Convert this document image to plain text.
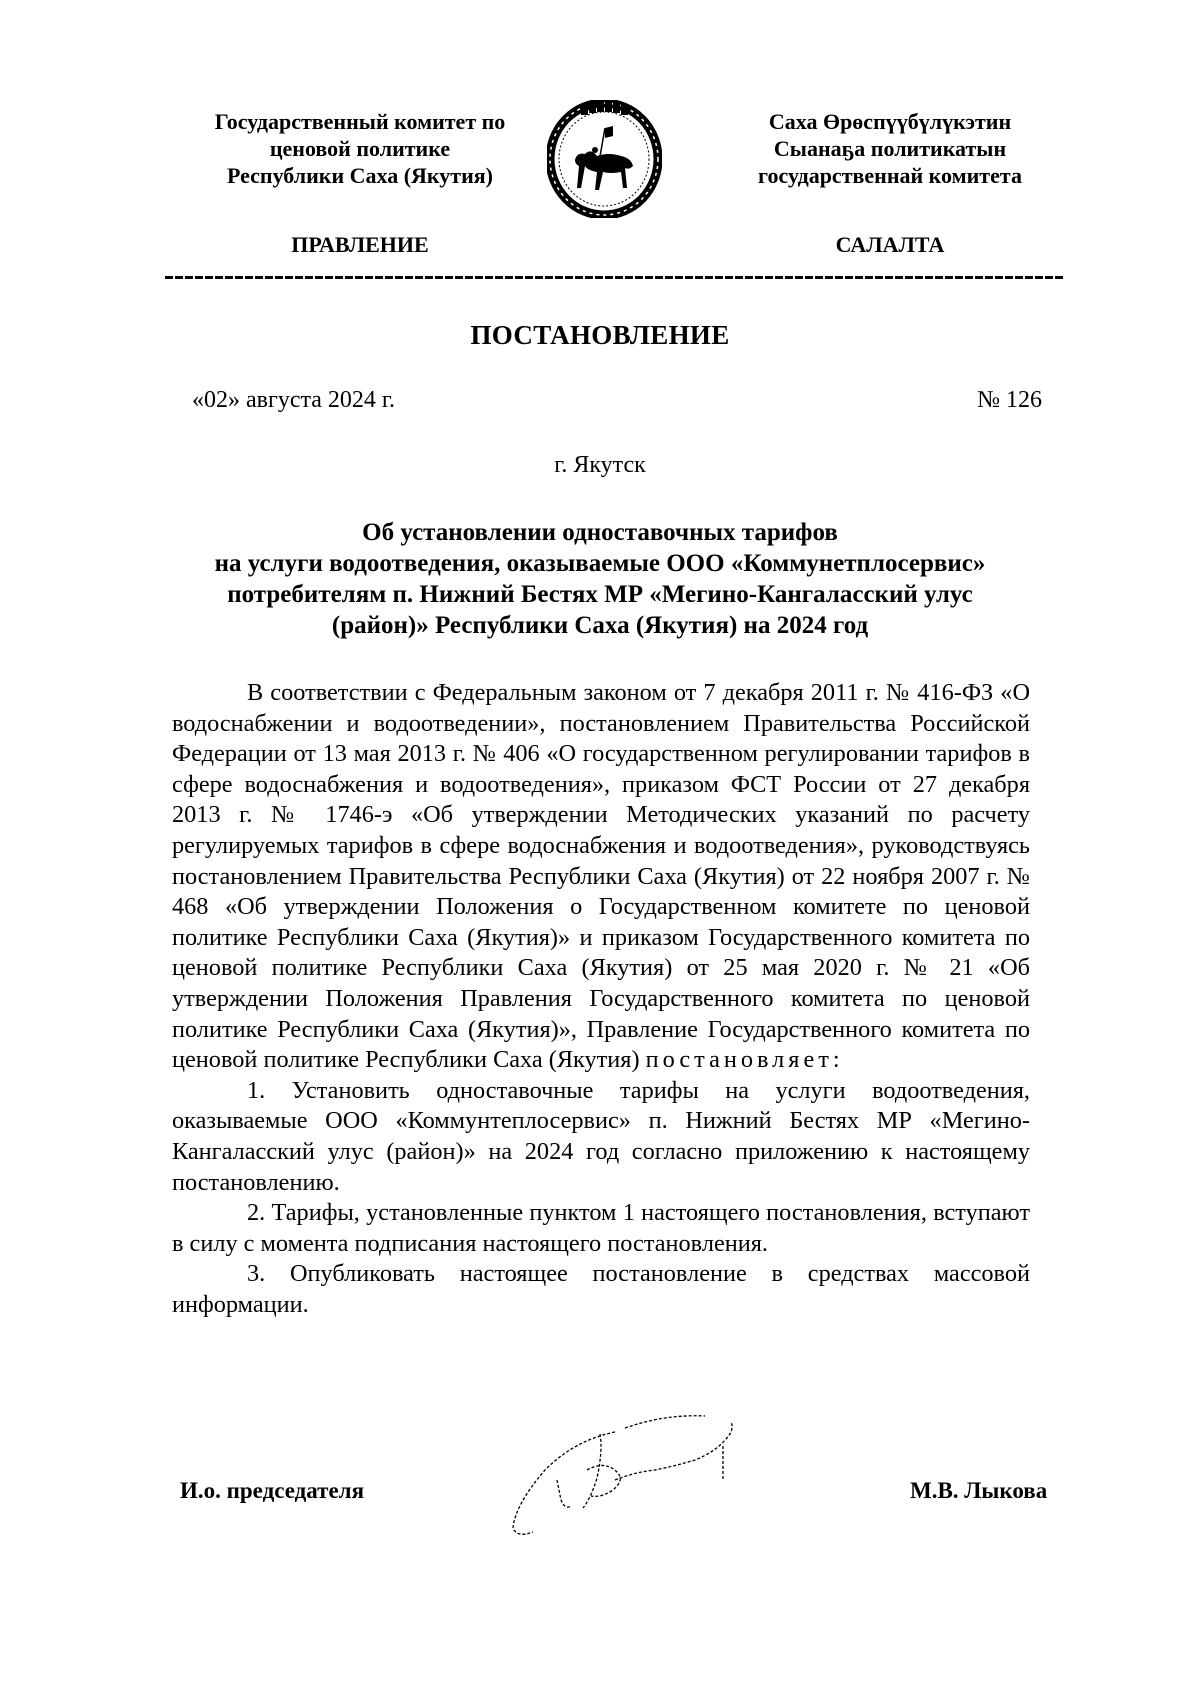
Государственный комитет по
ценовой политике
Республики Саха (Якутия)
Саха Өрөспүүбүлүкэтин
Сыанаҕа политикатын
государственнай комитета
ПРАВЛЕНИЕ	САЛАЛТА
ПОСТАНОВЛЕНИЕ
«02» августа 2024 г.	№ 126
г. Якутск
Об установлении одноставочных тарифов
на услуги водоотведения, оказываемые ООО «Коммунетплосервис»
потребителям п. Нижний Бестях МР «Мегино-Кангаласский улус
(район)» Республики Саха (Якутия) на 2024 год

В соответствии с Федеральным законом от 7 декабря 2011 г. № 416-ФЗ «О водоснабжении и водоотведении», постановлением Правительства Российской Федерации от 13 мая 2013 г. № 406 «О государственном регулировании тарифов в сфере водоснабжения и водоотведения», приказом ФСТ России от 27 декабря 2013 г. № 1746-э «Об утверждении Методических указаний по расчету регулируемых тарифов в сфере водоснабжения и водоотведения», руководствуясь постановлением Правительства Республики Саха (Якутия) от 22 ноября 2007 г. № 468 «Об утверждении Положения о Государственном комитете по ценовой политике Республики Саха (Якутия)» и приказом Государственного комитета по ценовой политике Республики Саха (Якутия) от 25 мая 2020 г. № 21 «Об утверждении Положения Правления Государственного комитета по ценовой политике Республики Саха (Якутия)», Правление Государственного комитета по ценовой политике Республики Саха (Якутия) постановляет:

1. Установить одноставочные тарифы на услуги водоотведения, оказываемые ООО «Коммунтеплосервис» п. Нижний Бестях МР «Мегино-Кангаласский улус (район)» на 2024 год согласно приложению к настоящему постановлению.

2. Тарифы, установленные пунктом 1 настоящего постановления, вступают в силу с момента подписания настоящего постановления.

3. Опубликовать настоящее постановление в средствах массовой информации.

И.о. председателя	М.В. Лыкова
